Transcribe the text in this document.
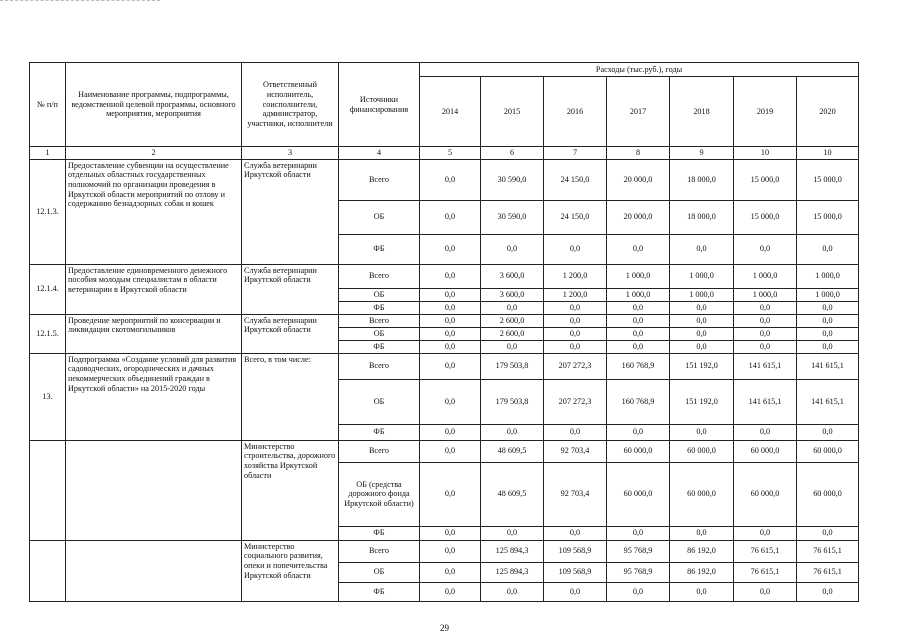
№ п/п	Наименование программы, подпрограммы, ведомственной целевой программы, основного мероприятия, мероприятия	Ответственный исполнитель, соисполнители, администратор, участники, исполнители	Источники финансирования	Расходы (тыс.руб.), годы						
				2014	2015	2016	2017	2018	2019	2020
1	2	3	4	5	6	7	8	9	10	10
12.1.3.	Предоставление субвенции на осуществление отдельных областных государственных полномочий по организации проведения в Иркутской области мероприятий по отлову и содержанию безнадзорных собак и кошек	Служба ветеринарии Иркутской области	Всего	0,0	30 590,0	24 150,0	20 000,0	18 000,0	15 000,0	15 000,0
			ОБ	0,0	30 590,0	24 150,0	20 000,0	18 000,0	15 000,0	15 000,0
			ФБ	0,0	0,0	0,0	0,0	0,0	0,0	0,0
12.1.4.	Предоставление единовременного денежного пособия молодым специалистам в области ветеринарии в Иркутской области	Служба ветеринарии Иркутской области	Всего	0,0	3 600,0	1 200,0	1 000,0	1 000,0	1 000,0	1 000,0
			ОБ	0,0	3 600,0	1 200,0	1 000,0	1 000,0	1 000,0	1 000,0
			ФБ	0,0	0,0	0,0	0,0	0,0	0,0	0,0
12.1.5.	Проведение мероприятий по консервации и ликвидации скотомогильников	Служба ветеринарии Иркутской области	Всего	0,0	2 600,0	0,0	0,0	0,0	0,0	0,0
			ОБ	0,0	2 600,0	0,0	0,0	0,0	0,0	0,0
			ФБ	0,0	0,0	0,0	0,0	0,0	0,0	0,0
13.	Подпрограмма «Создание условий для развития садоводческих, огороднических и дачных некоммерческих объединений граждан в Иркутской области» на 2015-2020 годы	Всего, в том числе:	Всего	0,0	179 503,8	207 272,3	160 768,9	151 192,0	141 615,1	141 615,1
			ОБ	0,0	179 503,8	207 272,3	160 768,9	151 192,0	141 615,1	141 615,1
			ФБ	0,0	0,0	0,0	0,0	0,0	0,0	0,0
		Министерство строительства, дорожного хозяйства Иркутской области	Всего	0,0	48 609,5	92 703,4	60 000,0	60 000,0	60 000,0	60 000,0
			ОБ (средства дорожного фонда Иркутской области)	0,0	48 609,5	92 703,4	60 000,0	60 000,0	60 000,0	60 000,0
			ФБ	0,0	0,0	0,0	0,0	0,0	0,0	0,0
		Министерство социального развития, опеки и попечительства Иркутской области	Всего	0,0	125 894,3	109 568,9	95 768,9	86 192,0	76 615,1	76 615,1
			ОБ	0,0	125 894,3	109 568,9	95 768,9	86 192,0	76 615,1	76 615,1
			ФБ	0,0	0,0	0,0	0,0	0,0	0,0	0,0
29
